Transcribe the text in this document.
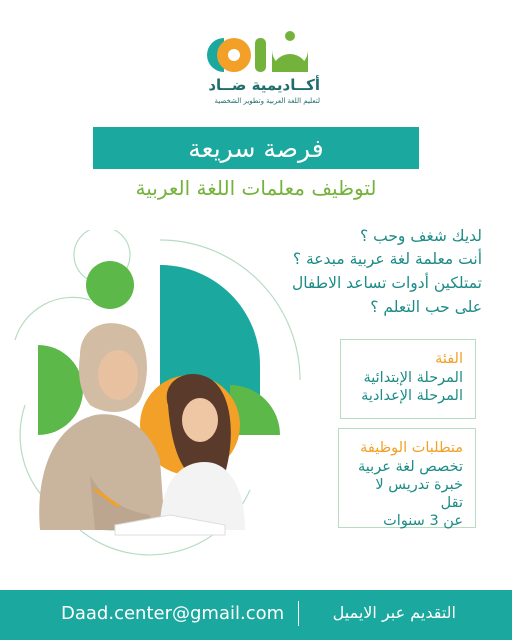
أكــاديمية ضــاد
لتعليم اللغة العربية وتطوير الشخصية
فرصة سريعة
لتوظيف معلمات اللغة العربية
لديك شغف وحب ؟
أنت معلمة لغة عربية مبدعة ؟
تمتلكين أدوات تساعد الاطفال
على حب التعلم ؟
الفئة
المرحلة الإبتدائية
المرحلة الإعدادية
متطلبات الوظيفة
تخصص لغة عربية
خبرة تدريس لا تقل
عن 3 سنوات
Daad.center@gmail.com	التقديم عبر الايميل
